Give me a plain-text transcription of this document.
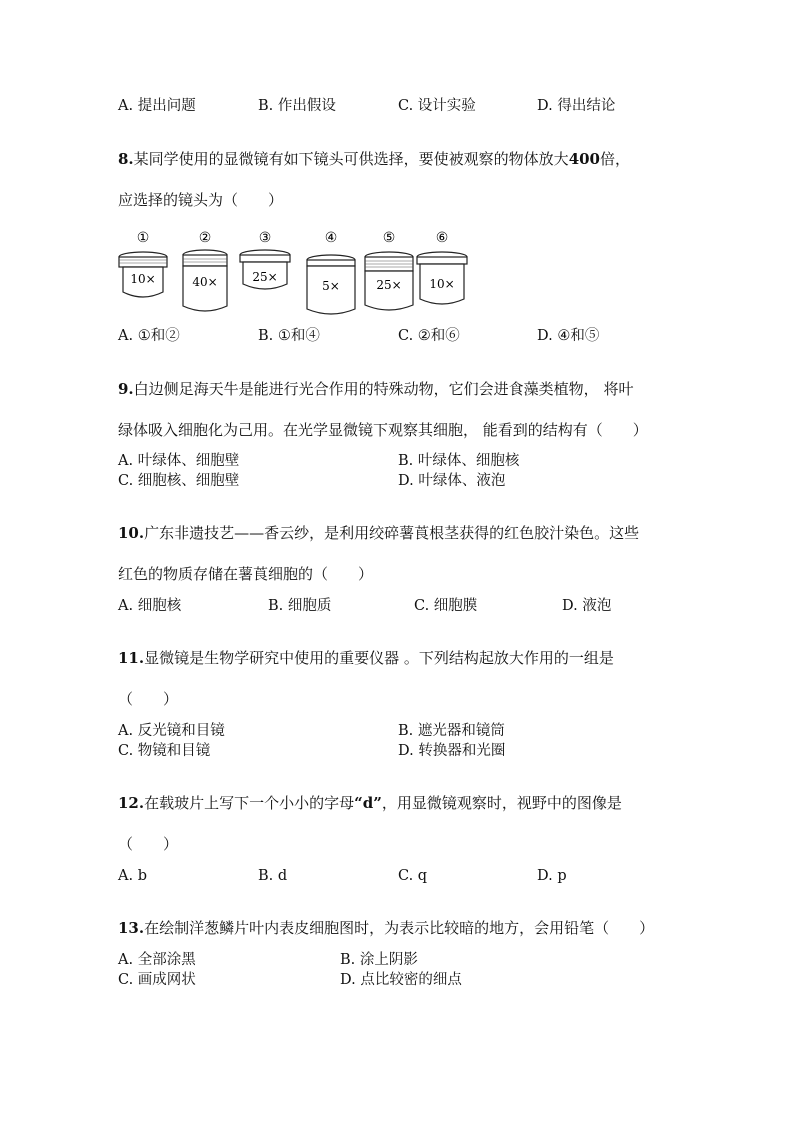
A. 提出问题	B. 作出假设	C. 设计实验	D. 得出结论
8.某同学使用的显微镜有如下镜头可供选择，要使被观察的物体放大400倍，
应选择的镜头为（　　）
①
10×
②
40×
③
25×
④
5×
⑤
25×
⑥
10×
A. ①和②	B. ①和④	C. ②和⑥	D. ④和⑤
9.白边侧足海天牛是能进行光合作用的特殊动物，它们会进食藻类植物， 将叶
绿体吸入细胞化为己用。在光学显微镜下观察其细胞， 能看到的结构有（　　）
A. 叶绿体、细胞壁	B. 叶绿体、细胞核
C. 细胞核、细胞壁	D. 叶绿体、液泡
10.广东非遗技艺——香云纱，是利用绞碎薯莨根茎获得的红色胶汁染色。这些
红色的物质存储在薯莨细胞的（　　）
A. 细胞核	B. 细胞质	C. 细胞膜	D. 液泡
11.显微镜是生物学研究中使用的重要仪器 。下列结构起放大作用的一组是
（　　）
A. 反光镜和目镜	B. 遮光器和镜筒
C. 物镜和目镜	D. 转换器和光圈
12.在载玻片上写下一个小小的字母“d”，用显微镜观察时，视野中的图像是
（　　）
A. b	B. d	C. q	D. p
13.在绘制洋葱鳞片叶内表皮细胞图时，为表示比较暗的地方，会用铅笔（　　）
A. 全部涂黑	B. 涂上阴影
C. 画成网状	D. 点比较密的细点
